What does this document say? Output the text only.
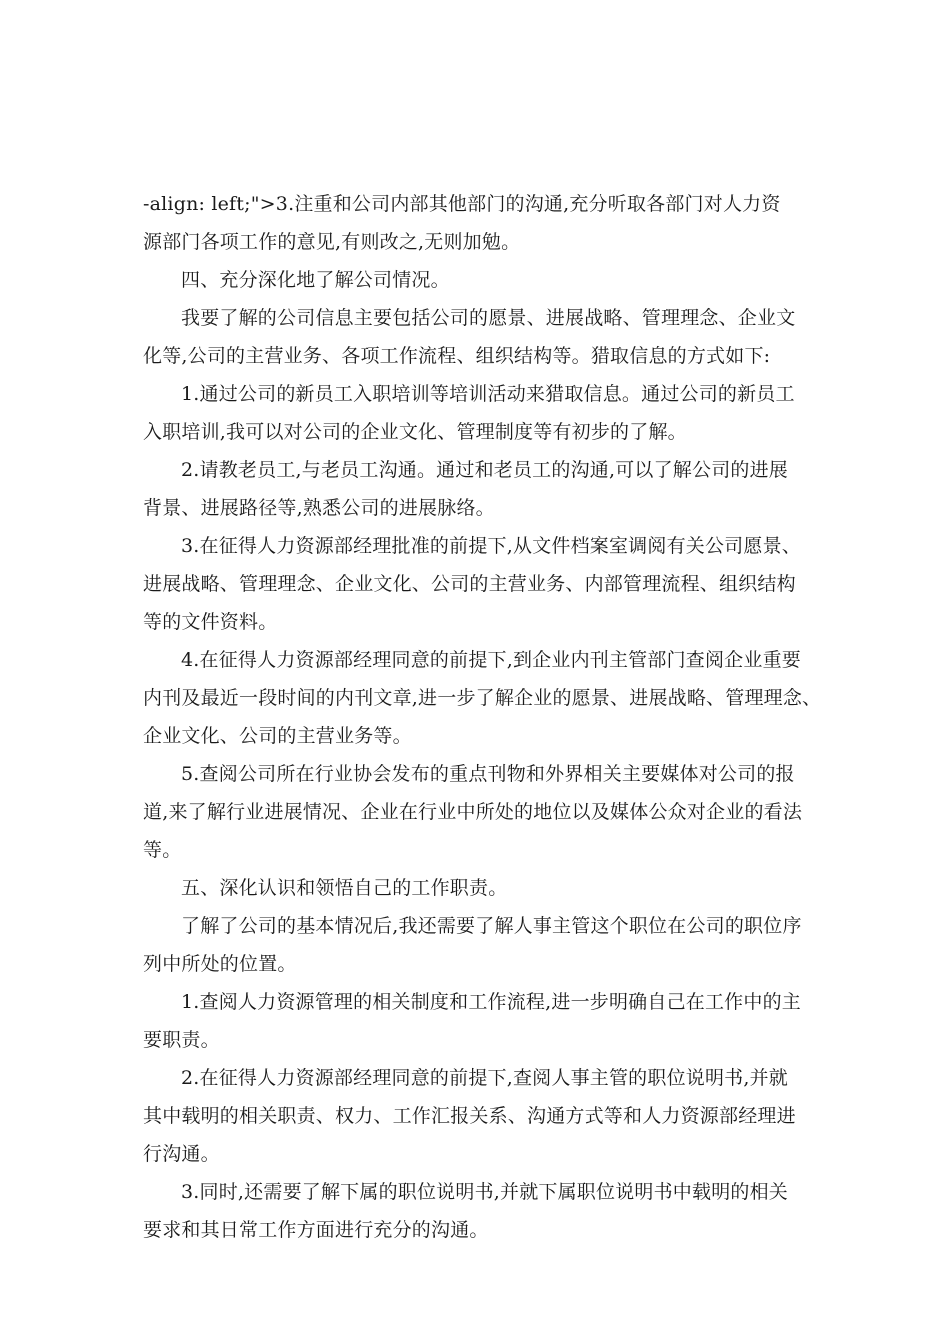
-align: left;">3.注重和公司内部其他部门的沟通,充分听取各部门对人力资
源部门各项工作的意见,有则改之,无则加勉。
四、充分深化地了解公司情况。
我要了解的公司信息主要包括公司的愿景、进展战略、管理理念、企业文
化等,公司的主营业务、各项工作流程、组织结构等。猎取信息的方式如下:
1.通过公司的新员工入职培训等培训活动来猎取信息。通过公司的新员工
入职培训,我可以对公司的企业文化、管理制度等有初步的了解。
2.请教老员工,与老员工沟通。通过和老员工的沟通,可以了解公司的进展
背景、进展路径等,熟悉公司的进展脉络。
3.在征得人力资源部经理批准的前提下,从文件档案室调阅有关公司愿景、
进展战略、管理理念、企业文化、公司的主营业务、内部管理流程、组织结构
等的文件资料。
4.在征得人力资源部经理同意的前提下,到企业内刊主管部门查阅企业重要
内刊及最近一段时间的内刊文章,进一步了解企业的愿景、进展战略、管理理念、
企业文化、公司的主营业务等。
5.查阅公司所在行业协会发布的重点刊物和外界相关主要媒体对公司的报
道,来了解行业进展情况、企业在行业中所处的地位以及媒体公众对企业的看法
等。
五、深化认识和领悟自己的工作职责。
了解了公司的基本情况后,我还需要了解人事主管这个职位在公司的职位序
列中所处的位置。
1.查阅人力资源管理的相关制度和工作流程,进一步明确自己在工作中的主
要职责。
2.在征得人力资源部经理同意的前提下,查阅人事主管的职位说明书,并就
其中载明的相关职责、权力、工作汇报关系、沟通方式等和人力资源部经理进
行沟通。
3.同时,还需要了解下属的职位说明书,并就下属职位说明书中载明的相关
要求和其日常工作方面进行充分的沟通。
